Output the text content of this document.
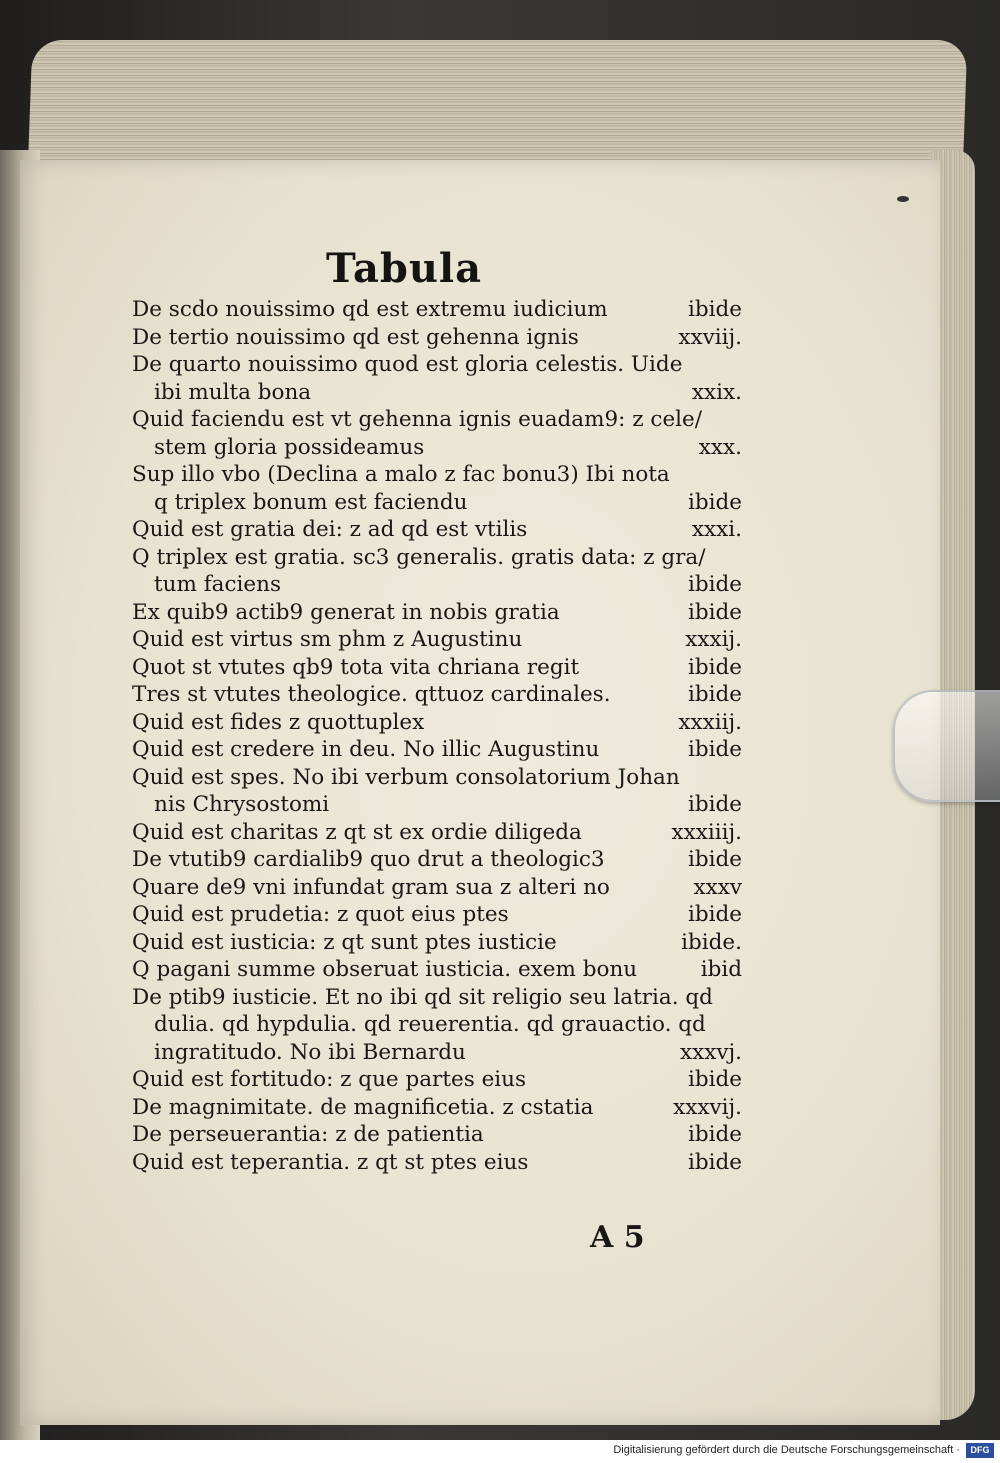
Tabula
De scdo nouissimo qd est extremu iudicium	ibide
De tertio nouissimo qd est gehenna ignis	xxviij.
De quarto nouissimo quod est gloria celestis. Uide
ibi multa bona	xxix.
Quid faciendu est vt gehenna ignis euadam9: z cele/
stem gloria possideamus	xxx.
Sup illo vbo (Declina a malo z fac bonu3) Ibi nota
q triplex bonum est faciendu	ibide
Quid est gratia dei: z ad qd est vtilis	xxxi.
Q triplex est gratia. sc3 generalis. gratis data: z gra/
tum faciens	ibide
Ex quib9 actib9 generat in nobis gratia	ibide
Quid est virtus sm phm z Augustinu	xxxij.
Quot st vtutes qb9 tota vita chriana regit	ibide
Tres st vtutes theologice. qttuoz cardinales.	ibide
Quid est fides z quottuplex	xxxiij.
Quid est credere in deu. No illic Augustinu	ibide
Quid est spes. No ibi verbum consolatorium Johan
nis Chrysostomi	ibide
Quid est charitas z qt st ex ordie diligeda	xxxiiij.
De vtutib9 cardialib9 quo drut a theologic3	ibide
Quare de9 vni infundat gram sua z alteri no	xxxv
Quid est prudetia: z quot eius ptes	ibide
Quid est iusticia: z qt sunt ptes iusticie	ibide.
Q pagani summe obseruat iusticia. exem bonu	ibid
De ptib9 iusticie. Et no ibi qd sit religio seu latria. qd
dulia. qd hypdulia. qd reuerentia. qd grauactio. qd
ingratitudo. No ibi Bernardu	xxxvj.
Quid est fortitudo: z que partes eius	ibide
De magnimitate. de magnificetia. z cstatia	xxxvij.
De perseuerantia: z de patientia	ibide
Quid est teperantia. z qt st ptes eius	ibide
A 5
Digitalisierung gefördert durch die Deutsche Forschungsgemeinschaft ·	DFG
